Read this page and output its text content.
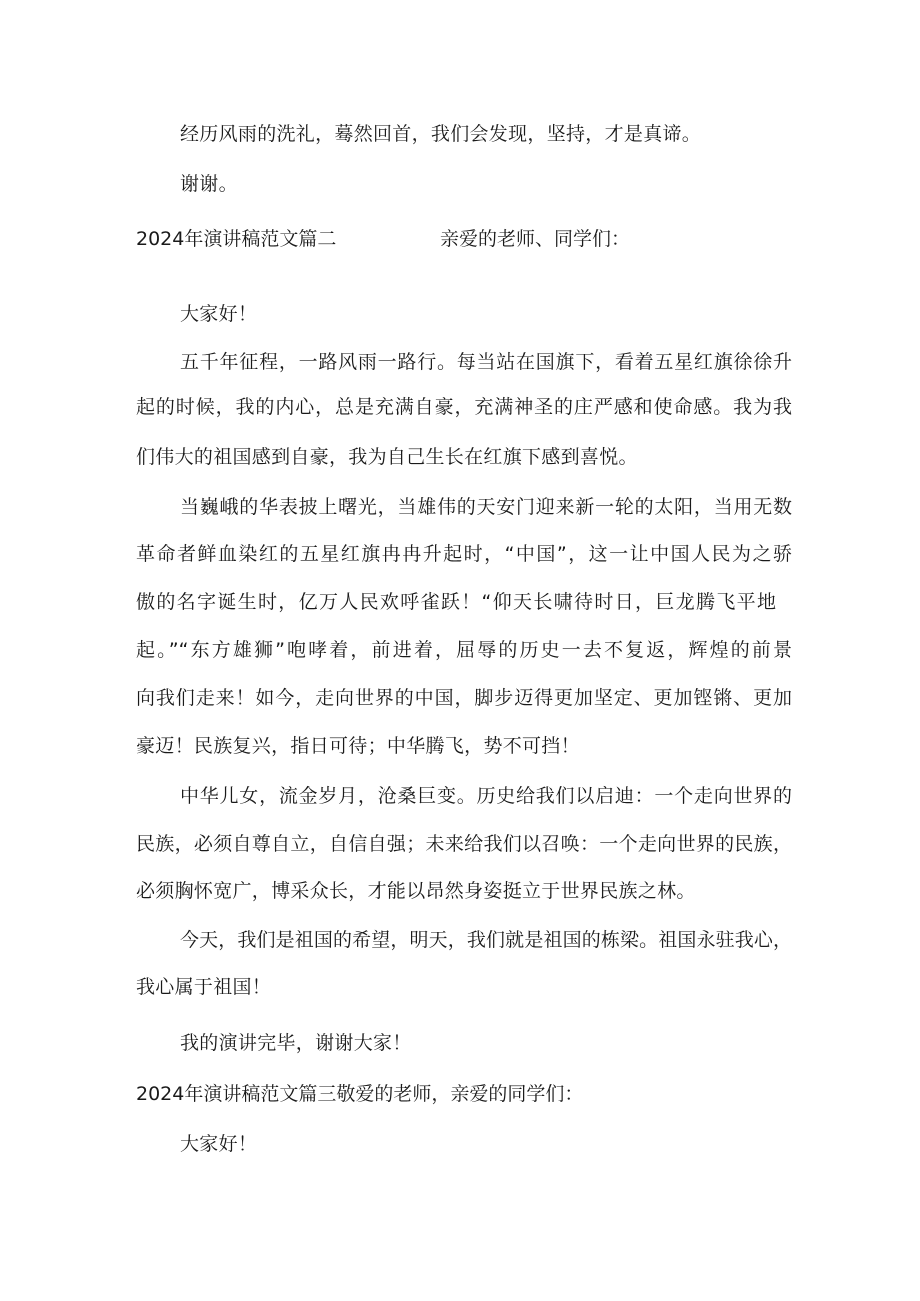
经历风雨的洗礼，蓦然回首，我们会发现，坚持，才是真谛。
谢谢。
2024年演讲稿范文篇二	亲爱的老师、同学们：
大家好！
五千年征程，一路风雨一路行。每当站在国旗下，看着五星红旗徐徐升
起的时候，我的内心，总是充满自豪，充满神圣的庄严感和使命感。我为我
们伟大的祖国感到自豪，我为自己生长在红旗下感到喜悦。
当巍峨的华表披上曙光，当雄伟的天安门迎来新一轮的太阳，当用无数
革命者鲜血染红的五星红旗冉冉升起时，“中国”，这一让中国人民为之骄
傲的名字诞生时，亿万人民欢呼雀跃！“仰天长啸待时日，巨龙腾飞平地
起。”“东方雄狮”咆哮着，前进着，屈辱的历史一去不复返，辉煌的前景
向我们走来！如今，走向世界的中国，脚步迈得更加坚定、更加铿锵、更加
豪迈！民族复兴，指日可待；中华腾飞，势不可挡！
中华儿女，流金岁月，沧桑巨变。历史给我们以启迪：一个走向世界的
民族，必须自尊自立，自信自强；未来给我们以召唤：一个走向世界的民族，
必须胸怀宽广，博采众长，才能以昂然身姿挺立于世界民族之林。
今天，我们是祖国的希望，明天，我们就是祖国的栋梁。祖国永驻我心，
我心属于祖国！
我的演讲完毕，谢谢大家！
2024年演讲稿范文篇三敬爱的老师，亲爱的同学们：
大家好！
